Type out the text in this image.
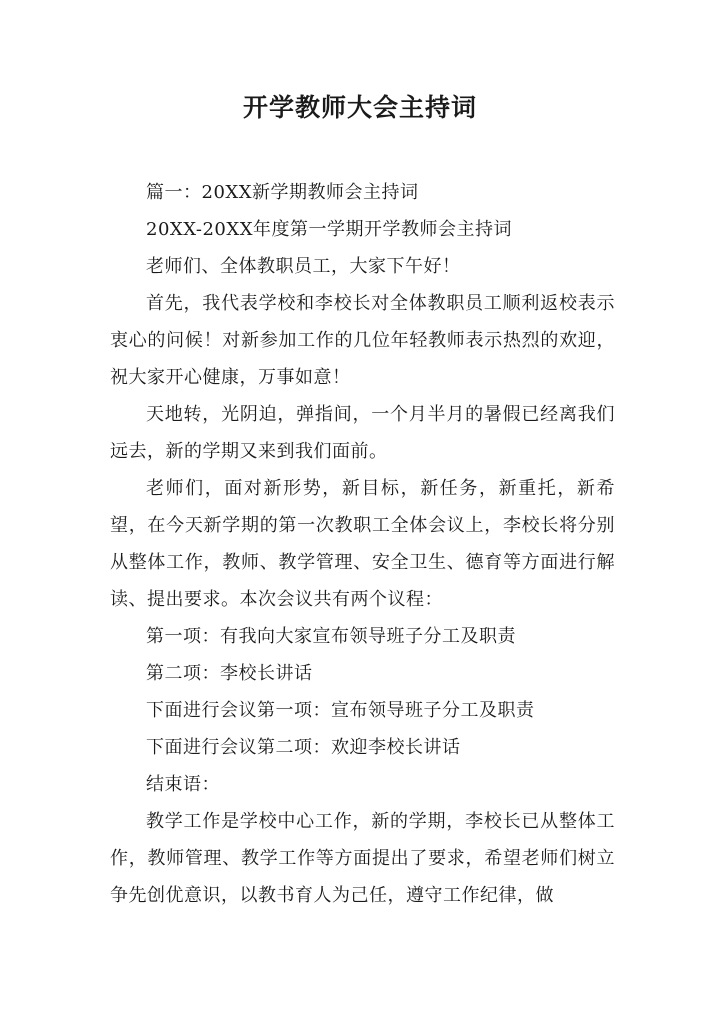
开学教师大会主持词

篇一：20XX新学期教师会主持词

20XX-20XX年度第一学期开学教师会主持词

老师们、全体教职员工，大家下午好！

首先，我代表学校和李校长对全体教职员工顺利返校表示衷心的问候！对新参加工作的几位年轻教师表示热烈的欢迎，祝大家开心健康，万事如意！

天地转，光阴迫，弹指间，一个月半月的暑假已经离我们远去，新的学期又来到我们面前。

老师们，面对新形势，新目标，新任务，新重托，新希望，在今天新学期的第一次教职工全体会议上，李校长将分别从整体工作，教师、教学管理、安全卫生、德育等方面进行解读、提出要求。本次会议共有两个议程：

第一项：有我向大家宣布领导班子分工及职责

第二项：李校长讲话

下面进行会议第一项：宣布领导班子分工及职责

下面进行会议第二项：欢迎李校长讲话

结束语：

教学工作是学校中心工作，新的学期，李校长已从整体工作，教师管理、教学工作等方面提出了要求，希望老师们树立争先创优意识，以教书育人为己任，遵守工作纪律，做
